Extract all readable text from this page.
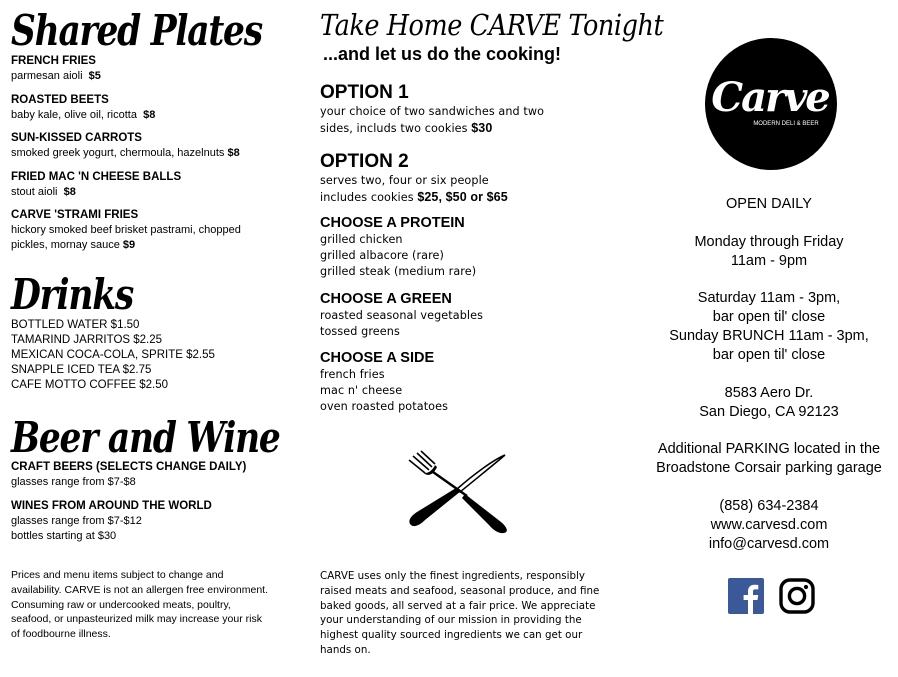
Shared Plates
FRENCH FRIES
parmesan aioli $5
ROASTED BEETS
baby kale, olive oil, ricotta $8
SUN-KISSED CARROTS
smoked greek yogurt, chermoula, hazelnuts $8
FRIED MAC 'N CHEESE BALLS
stout aioli $8
CARVE 'STRAMI FRIES
hickory smoked beef brisket pastrami, chopped pickles, mornay sauce $9
Drinks
BOTTLED WATER $1.50
TAMARIND JARRITOS $2.25
MEXICAN COCA-COLA, SPRITE $2.55
SNAPPLE ICED TEA $2.75
CAFE MOTTO COFFEE $2.50
Beer and Wine
CRAFT BEERS (SELECTS CHANGE DAILY)
glasses range from $7-$8
WINES FROM AROUND THE WORLD
glasses range from $7-$12
bottles starting at $30
Prices and menu items subject to change and availability. CARVE is not an allergen free environment. Consuming raw or undercooked meats, poultry, seafood, or unpasteurized milk may increase your risk of foodbourne illness.
Take Home CARVE Tonight
...and let us do the cooking!
OPTION 1
your choice of two sandwiches and two sides, includs two cookies $30
OPTION 2
serves two, four or six people
includes cookies $25, $50 or $65
CHOOSE A PROTEIN
grilled chicken
grilled albacore (rare)
grilled steak (medium rare)
CHOOSE A GREEN
roasted seasonal vegetables
tossed greens
CHOOSE A SIDE
french fries
mac n' cheese
oven roasted potatoes
CARVE uses only the finest ingredients, responsibly raised meats and seafood, seasonal produce, and fine baked goods, all served at a fair price. We appreciate your understanding of our mission in providing the highest quality sourced ingredients we can get our hands on.
Carve
MODERN DELI & BEER
OPEN DAILY
Monday through Friday
11am - 9pm
Saturday 11am - 3pm,
bar open til' close
Sunday BRUNCH 11am - 3pm,
bar open til' close
8583 Aero Dr.
San Diego, CA 92123
Additional PARKING located in the
Broadstone Corsair parking garage
(858) 634-2384
www.carvesd.com
info@carvesd.com
